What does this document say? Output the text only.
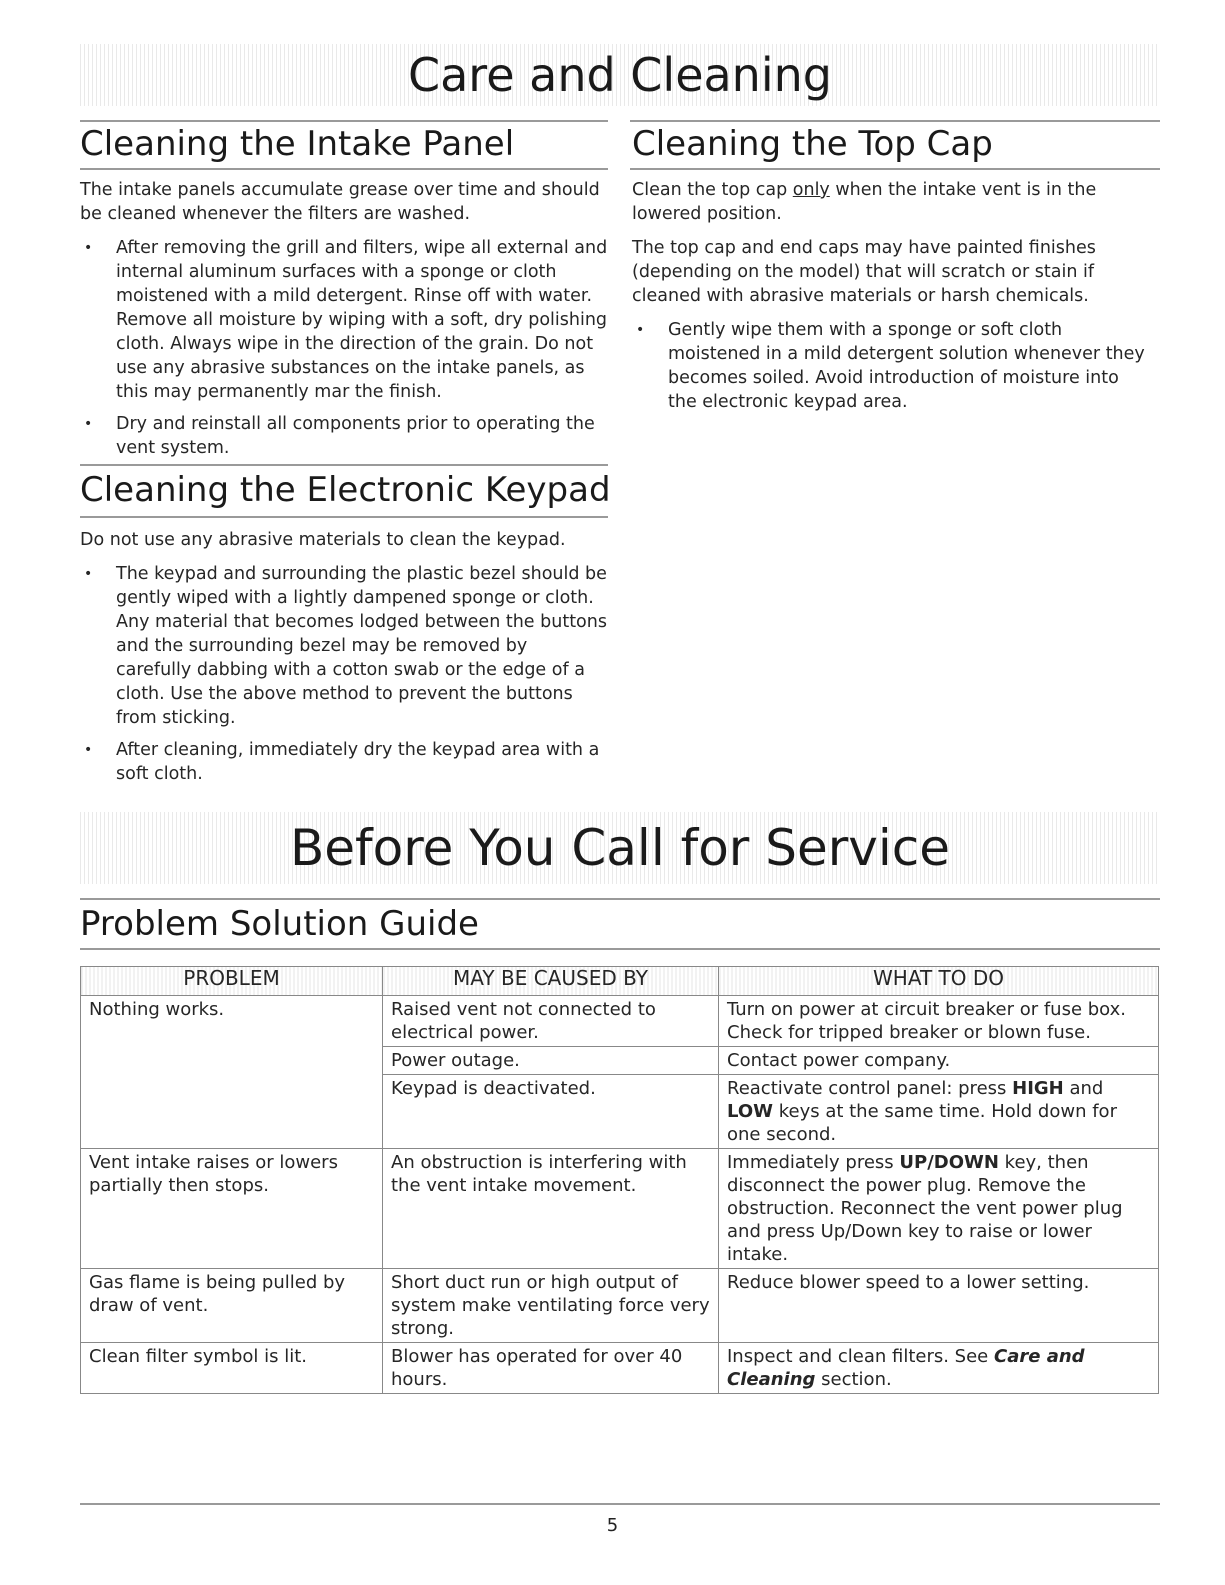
Care and Cleaning
Cleaning the Intake Panel

The intake panels accumulate grease over time and should be cleaned whenever the filters are washed.

• After removing the grill and filters, wipe all external and internal aluminum surfaces with a sponge or cloth moistened with a mild detergent. Rinse off with water. Remove all moisture by wiping with a soft, dry polishing cloth. Always wipe in the direction of the grain. Do not use any abrasive substances on the intake panels, as this may permanently mar the finish.
• Dry and reinstall all components prior to operating the vent system.
Cleaning the Top Cap

Clean the top cap only when the intake vent is in the lowered position.

The top cap and end caps may have painted finishes (depending on the model) that will scratch or stain if cleaned with abrasive materials or harsh chemicals.

• Gently wipe them with a sponge or soft cloth moistened in a mild detergent solution whenever they becomes soiled. Avoid introduction of moisture into the electronic keypad area.
Cleaning the Electronic Keypad

Do not use any abrasive materials to clean the keypad.

• The keypad and surrounding the plastic bezel should be gently wiped with a lightly dampened sponge or cloth. Any material that becomes lodged between the buttons and the surrounding bezel may be removed by carefully dabbing with a cotton swab or the edge of a cloth. Use the above method to prevent the buttons from sticking.
• After cleaning, immediately dry the keypad area with a soft cloth.
Before You Call for Service
Problem Solution Guide
PROBLEM	MAY BE CAUSED BY	WHAT TO DO
Nothing works.	Raised vent not connected to electrical power.	Turn on power at circuit breaker or fuse box. Check for tripped breaker or blown fuse.
	Power outage.	Contact power company.
	Keypad is deactivated.	Reactivate control panel: press HIGH and LOW keys at the same time. Hold down for one second.
Vent intake raises or lowers partially then stops.	An obstruction is interfering with the vent intake movement.	Immediately press UP/DOWN key, then disconnect the power plug. Remove the obstruction. Reconnect the vent power plug and press Up/Down key to raise or lower intake.
Gas flame is being pulled by draw of vent.	Short duct run or high output of system make ventilating force very strong.	Reduce blower speed to a lower setting.
Clean filter symbol is lit.	Blower has operated for over 40 hours.	Inspect and clean filters. See Care and Cleaning section.
5
